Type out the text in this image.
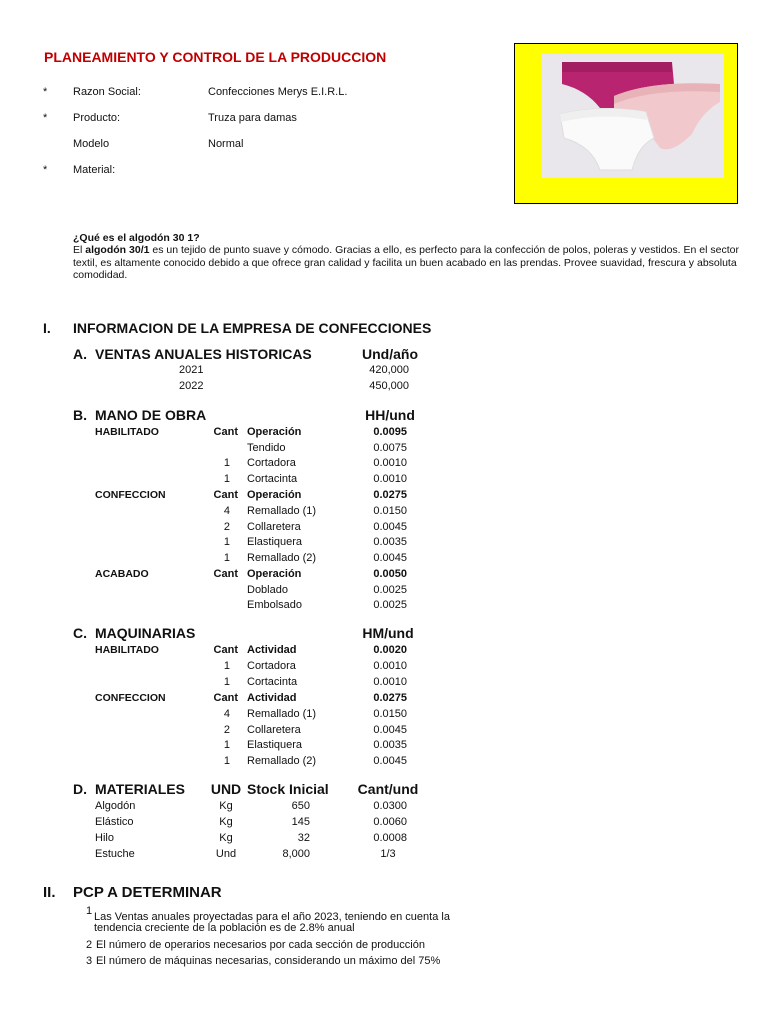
PLANEAMIENTO Y CONTROL DE LA PRODUCCION
* Razon Social:	Confecciones Merys E.I.R.L.
* Producto:	Truza para damas
Modelo	Normal
* Material:
¿Qué es el algodón 30 1?
El algodón 30/1 es un tejido de punto suave y cómodo. Gracias a ello, es perfecto para la confección de polos, poleras y vestidos. En el sector textil, es altamente conocido debido a que ofrece gran calidad y facilita un buen acabado en las prendas. Provee suavidad, frescura y absoluta comodidad.
I. INFORMACION DE LA EMPRESA DE CONFECCIONES
A. VENTAS ANUALES HISTORICAS	Und/año
2021	420,000
2022	450,000
B. MANO DE OBRA	HH/und
HABILITADO	Cant Operación	0.0095
Tendido	0.0075
1 Cortadora	0.0010
1 Cortacinta	0.0010
CONFECCION	Cant Operación	0.0275
4 Remallado (1)	0.0150
2 Collaretera	0.0045
1 Elastiquera	0.0035
1 Remallado (2)	0.0045
ACABADO	Cant Operación	0.0050
Doblado	0.0025
Embolsado	0.0025
C. MAQUINARIAS	HM/und
HABILITADO	Cant Actividad	0.0020
1 Cortadora	0.0010
1 Cortacinta	0.0010
CONFECCION	Cant Actividad	0.0275
4 Remallado (1)	0.0150
2 Collaretera	0.0045
1 Elastiquera	0.0035
1 Remallado (2)	0.0045
D. MATERIALES	UND Stock Inicial	Cant/und
Algodón	Kg	650	0.0300
Elástico	Kg	145	0.0060
Hilo	Kg	32	0.0008
Estuche	Und	8,000	1/3
II. PCP A DETERMINAR
1 Las Ventas anuales proyectadas para el año 2023, teniendo en cuenta la
tendencia creciente de la población es de 2.8% anual
2 El número de operarios necesarios por cada sección de producción
3 El número de máquinas necesarias, considerando un máximo del 75%
